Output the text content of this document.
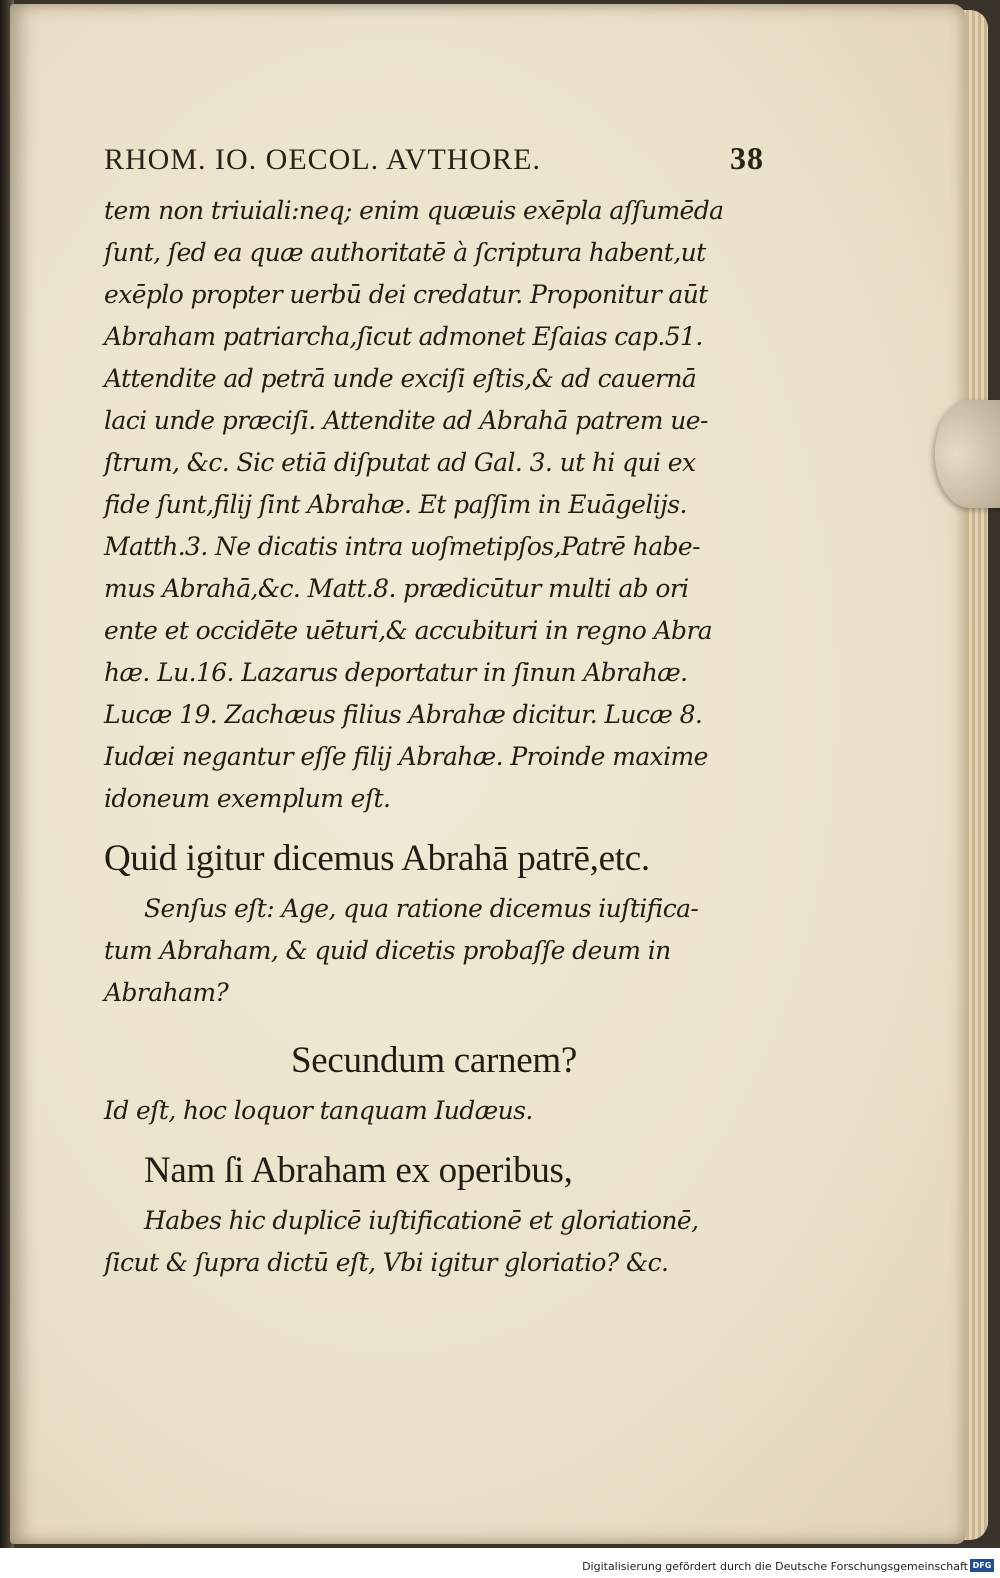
RHOM. IO. OECOL. AVTHORE.	38
tem non triuiali:neq; enim quæuis exēpla aſſumēda
ſunt, ſed ea quæ authoritatē à ſcriptura habent,ut
exēplo propter uerbū dei credatur. Proponitur aūt
Abraham patriarcha,ſicut admonet Eſaias cap.51.
Attendite ad petrā unde exciſi eſtis,& ad cauernā
laci unde præciſi. Attendite ad Abrahā patrem ue-
ſtrum, &c. Sic etiā diſputat ad Gal. 3. ut hi qui ex
fide ſunt,filij ſint Abrahæ. Et paſſim in Euāgelijs.
Matth.3. Ne dicatis intra uoſmetipſos,Patrē habe-
mus Abrahā,&c. Matt.8. prædicūtur multi ab ori
ente et occidēte uēturi,& accubituri in regno Abra
hæ. Lu.16. Lazarus deportatur in ſinun Abrahæ.
Lucæ 19. Zachæus filius Abrahæ dicitur. Lucæ 8.
Iudæi negantur eſſe filij Abrahæ. Proinde maxime
idoneum exemplum eſt.
Quid igitur dicemus Abrahā patrē,etc.
Senſus eſt: Age, qua ratione dicemus iuſtifica-
tum Abraham, & quid dicetis probaſſe deum in
Abraham?
Secundum carnem?
Id eſt, hoc loquor tanquam Iudæus.
Nam ſi Abraham ex operibus,
Habes hic duplicē iuſtificationē et gloriationē,
ſicut & ſupra dictū eſt, Vbi igitur gloriatio? &c.
Digitalisierung gefördert durch die Deutsche Forschungsgemeinschaft DFG
